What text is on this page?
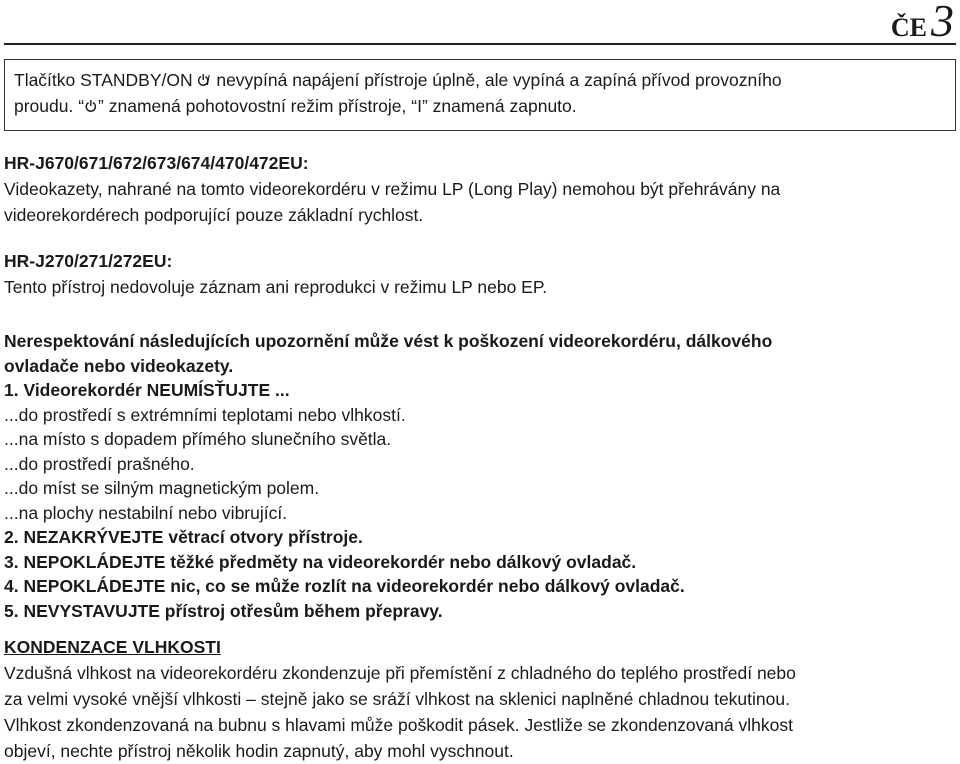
ČE3
Tlačítko STANDBY/ON
nevypíná napájení přístroje úplně, ale vypíná a zapíná přívod provozního
proudu. “ ” znamená pohotovostní režim přístroje, “I” znamená zapnuto.
HR-J670/671/672/673/674/470/472EU:
Videokazety, nahrané na tomto videorekordéru v režimu LP (Long Play) nemohou být přehrávány na
videorekordérech podporující pouze základní rychlost.
HR-J270/271/272EU:
Tento přístroj nedovoluje záznam ani reprodukci v režimu LP nebo EP.
Nerespektování následujících upozornění může vést k poškození videorekordéru, dálkového
ovladače nebo videokazety.
1. Videorekordér NEUMÍSŤUJTE ...
...do prostředí s extrémními teplotami nebo vlhkostí.
...na místo s dopadem přímého slunečního světla.
...do prostředí prašného.
...do míst se silným magnetickým polem.
...na plochy nestabilní nebo vibrující.
2. NEZAKRÝVEJTE větrací otvory přístroje.
3. NEPOKLÁDEJTE těžké předměty na videorekordér nebo dálkový ovladač.
4. NEPOKLÁDEJTE nic, co se může rozlít na videorekordér nebo dálkový ovladač.
5. NEVYSTAVUJTE přístroj otřesům během přepravy.
KONDENZACE VLHKOSTI
Vzdušná vlhkost na videorekordéru zkondenzuje při přemístění z chladného do teplého prostředí nebo
za velmi vysoké vnější vlhkosti – stejně jako se sráží vlhkost na sklenici naplněné chladnou tekutinou.
Vlhkost zkondenzovaná na bubnu s hlavami může poškodit pásek. Jestliže se zkondenzovaná vlhkost
objeví, nechte přístroj několik hodin zapnutý, aby mohl vyschnout.
